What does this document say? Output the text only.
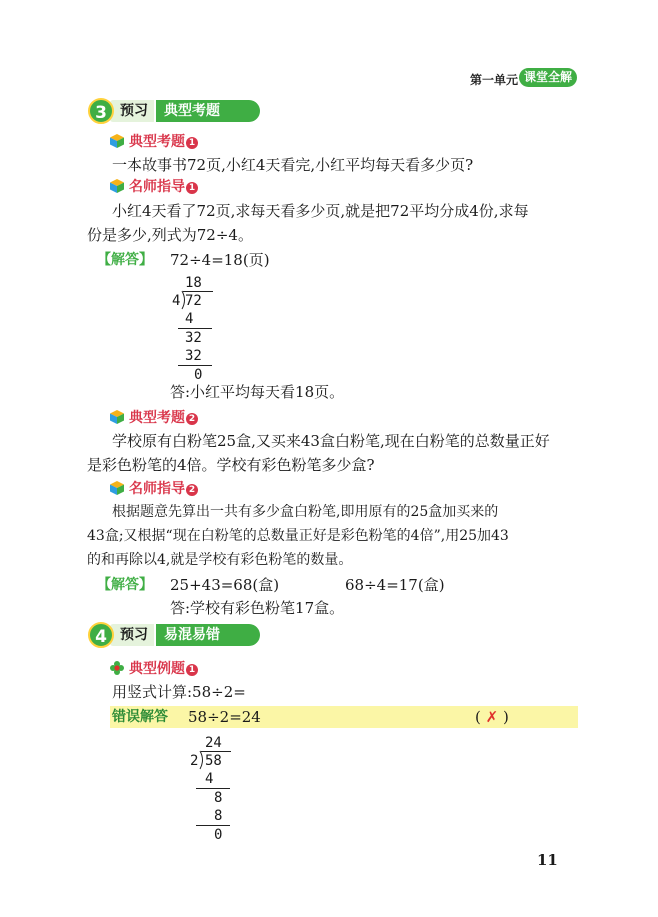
第一单元 课堂全解
3 预习	典型考题
典型考题 1
一本故事书72页,小红4天看完,小红平均每天看多少页?
名师指导 1
小红4天看了72页,求每天看多少页,就是把72平均分成4份,求每
份是多少,列式为72÷4。
【解答】 72÷4=18(页)
18
4 72
4
32
32
0
答:小红平均每天看18页。
典型考题 2
学校原有白粉笔25盒,又买来43盒白粉笔,现在白粉笔的总数量正好
是彩色粉笔的4倍。学校有彩色粉笔多少盒?
名师指导 2
根据题意先算出一共有多少盒白粉笔,即用原有的25盒加买来的
43盒;又根据“现在白粉笔的总数量正好是彩色粉笔的4倍”,用25加43
的和再除以4,就是学校有彩色粉笔的数量。
【解答】 25+43=68(盒)	68÷4=17(盒)
答:学校有彩色粉笔17盒。
4 预习	易混易错
典型例题 1
用竖式计算:58÷2=
错误解答 58÷2=24	( ✗ )
24
2 58
4
8
8
0
11
